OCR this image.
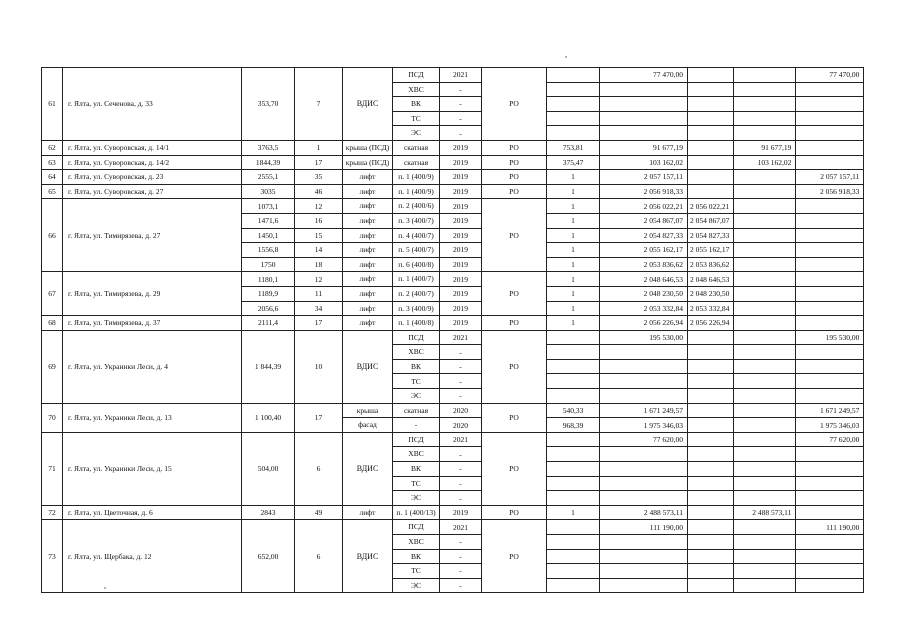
61	г. Ялта, ул. Сеченова, д. 33	353,70	7	ВДИС	ПСД	2021	РО		77 470,00			77 470,00
					ХВС	-						
					ВК	-						
					ТС	-						
					ЭС	-						
62	г. Ялта, ул. Суворовская, д. 14/1	3763,5	1	крыша (ПСД)	скатная	2019	РО	753,81	91 677,19		91 677,19	
63	г. Ялта, ул. Суворовская, д. 14/2	1844,39	17	крыша (ПСД)	скатная	2019	РО	375,47	103 162,02		103 162,02	
64	г. Ялта, ул. Суворовская, д. 23	2555,1	35	лифт	п. 1 (400/9)	2019	РО	1	2 057 157,11			2 057 157,11
65	г. Ялта, ул. Суворовская, д. 27	3035	46	лифт	п. 1 (400/9)	2019	РО	1	2 056 918,33			2 056 918,33
66	г. Ялта, ул. Тимирязева, д. 27	1073,1	12	лифт	п. 2 (400/6)	2019	РО	1	2 056 022,21	2 056 022,21		
		1471,6	16	лифт	п. 3 (400/7)	2019		1	2 054 867,07	2 054 867,07		
		1450,1	15	лифт	п. 4 (400/7)	2019		1	2 054 827,33	2 054 827,33		
		1556,8	14	лифт	п. 5 (400/7)	2019		1	2 055 162,17	2 055 162,17		
		1750	18	лифт	п. 6 (400/8)	2019		1	2 053 836,62	2 053 836,62		
67	г. Ялта, ул. Тимирязева, д. 29	1180,1	12	лифт	п. 1 (400/7)	2019	РО	1	2 048 646,53	2 048 646,53		
		1189,9	11	лифт	п. 2 (400/7)	2019		1	2 048 230,50	2 048 230,50		
		2056,6	34	лифт	п. 3 (400/9)	2019		1	2 053 332,84	2 053 332,84		
68	г. Ялта, ул. Тимирязева, д. 37	2111,4	17	лифт	п. 1 (400/8)	2019	РО	1	2 056 226,94	2 056 226,94		
69	г. Ялта, ул. Украинки Леси, д. 4	1 844,39	10	ВДИС	ПСД	2021	РО		195 530,00			195 530,00
					ХВС	-						
					ВК	-						
					ТС	-						
					ЭС	-						
70	г. Ялта, ул. Украинки Леси, д. 13	1 100,40	17	крыша	скатная	2020	РО	540,33	1 671 249,57			1 671 249,57
				фасад	-	2020		968,39	1 975 346,03			1 975 346,03
71	г. Ялта, ул. Украинки Леси, д. 15	504,00	6	ВДИС	ПСД	2021	РО		77 620,00			77 620,00
					ХВС	-						
					ВК	-						
					ТС	-						
					ЭС	-						
72	г. Ялта, ул. Цветочная, д. 6	2843	49	лифт	п. 1 (400/13)	2019	РО	1	2 488 573,11		2 488 573,11	
73	г. Ялта, ул. Щербака, д. 12	652,00	6	ВДИС	ПСД	2021	РО		111 190,00			111 190,00
					ХВС	-						
					ВК	-						
					ТС	-						
					ЭС	-						
